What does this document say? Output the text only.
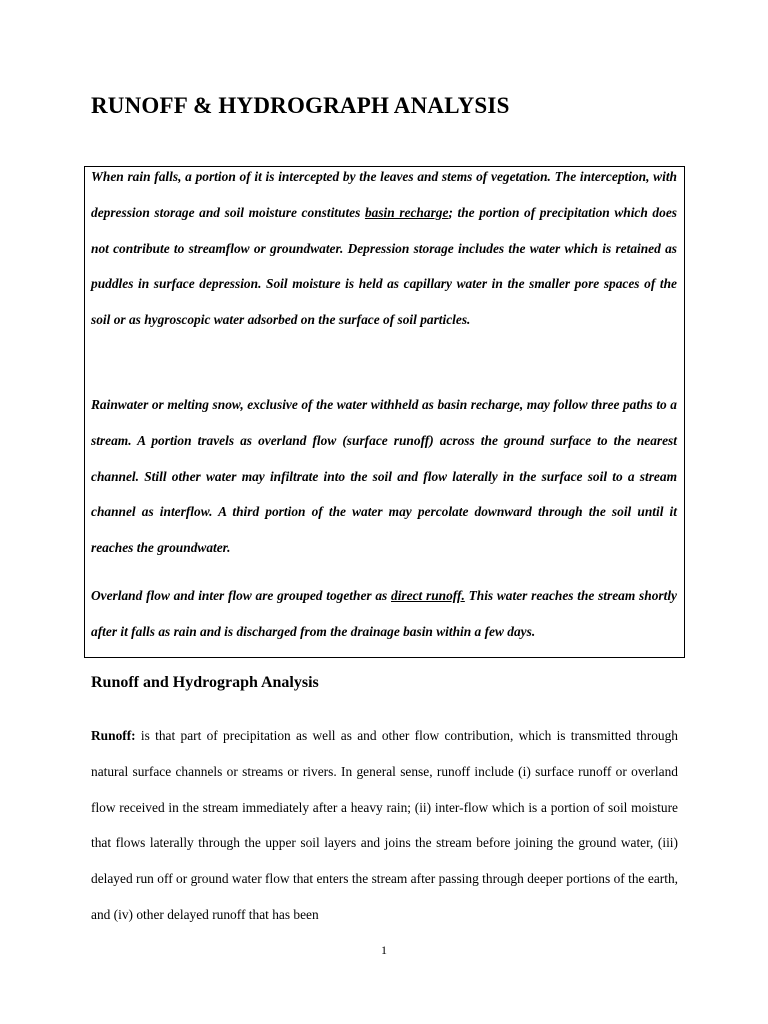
RUNOFF & HYDROGRAPH ANALYSIS

When rain falls, a portion of it is intercepted by the leaves and stems of vegetation. The interception, with depression storage and soil moisture constitutes basin recharge; the portion of precipitation which does not contribute to streamflow or groundwater. Depression storage includes the water which is retained as puddles in surface depression. Soil moisture is held as capillary water in the smaller pore spaces of the soil or as hygroscopic water adsorbed on the surface of soil particles.

Rainwater or melting snow, exclusive of the water withheld as basin recharge, may follow three paths to a stream. A portion travels as overland flow (surface runoff) across the ground surface to the nearest channel. Still other water may infiltrate into the soil and flow laterally in the surface soil to a stream channel as interflow. A third portion of the water may percolate downward through the soil until it reaches the groundwater.

Overland flow and inter flow are grouped together as direct runoff. This water reaches the stream shortly after it falls as rain and is discharged from the drainage basin within a few days.

Runoff and Hydrograph Analysis

Runoff: is that part of precipitation as well as and other flow contribution, which is transmitted through natural surface channels or streams or rivers. In general sense, runoff include (i) surface runoff or overland flow received in the stream immediately after a heavy rain; (ii) inter-flow which is a portion of soil moisture that flows laterally through the upper soil layers and joins the stream before joining the ground water, (iii) delayed run off or ground water flow that enters the stream after passing through deeper portions of the earth, and (iv) other delayed runoff that has been

1
